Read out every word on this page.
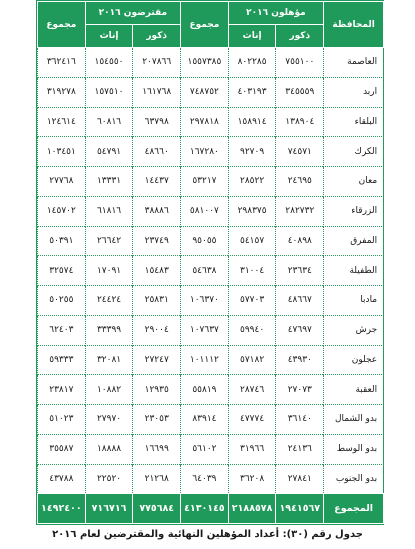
المحافظة	مؤهلون ٢٠١٦		مجموع	مقترضون ٢٠١٦		مجموع
	ذكور	إناث		ذكور	إناث	
العاصمة	٧٥٥١٠٠	٨٠٢٢٨٥	١٥٥٧٣٨٥	٢٠٧٨٦٦	١٥٤٥٥٠	٣٦٢٤١٦
اربد	٣٤٥٥٥٩	٤٠٣١٩٣	٧٤٨٧٥٢	١٦١٧٦٨	١٥٧٥١٠	٣١٩٢٧٨
البلقاء	١٣٨٩٠٤	١٥٨٩١٤	٢٩٧٨١٨	٦٣٧٩٨	٦٠٨١٦	١٢٤٦١٤
الكرك	٧٤٥٧١	٩٢٧٠٩	١٦٧٢٨٠	٤٨٦٦٠	٥٤٧٩١	١٠٣٤٥١
معان	٢٤٦٩٥	٢٨٥٢٢	٥٣٢١٧	١٤٤٣٧	١٣٣٣١	٢٧٧٦٨
الزرقاء	٢٨٢٧٣٢	٢٩٨٣٧٥	٥٨١٠٠٧	٣٨٨٨٦	٦١٨١٦	١٤٥٧٠٢
المفرق	٤٠٨٩٨	٥٤١٥٧	٩٥٠٥٥	٢٣٧٤٩	٢٦٦٤٢	٥٠٣٩١
الطفيلة	٢٣٦٣٤	٣١٠٠٤	٥٤٦٣٨	١٥٤٨٣	١٧٠٩١	٣٢٥٧٤
مادبا	٤٨٦٦٧	٥٧٧٠٣	١٠٦٣٧٠	٢٥٨٣١	٢٤٤٢٤	٥٠٢٥٥
جرش	٤٧٦٩٧	٥٩٩٤٠	١٠٧٦٣٧	٢٩٠٠٤	٣٣٣٩٩	٦٢٤٠٣
عجلون	٤٣٩٣٠	٥٧١٨٢	١٠١١١٢	٢٧٢٤٧	٣٢٠٨١	٥٩٣٣٣
العقبة	٢٧٠٧٣	٢٨٧٤٦	٥٥٨١٩	١٢٩٣٥	١٠٨٨٢	٢٣٨١٧
بدو الشمال	٣٦١٤٠	٤٧٧٧٤	٨٣٩١٤	٢٣٠٥٣	٢٧٩٧٠	٥١٠٢٣
بدو الوسط	٢٤١٣٦	٣١٩٦٦	٥٦١٠٢	١٦٦٩٩	١٨٨٨٨	٣٥٥٨٧
بدو الجنوب	٢٧٨٤١	٣٦٢٠٨	٦٤٠٣٩	٢١٢٦٨	٢٢٥٢٠	٤٣٧٨٨
المجموع	١٩٤١٥٦٧	٢١٨٨٥٧٨	٤١٣٠١٤٥	٧٧٥٦٨٤	٧١٦٧١٦	١٤٩٢٤٠٠
جدول رقم (٣٠): أعداد المؤهلين النهائية والمقترضين لعام ٢٠١٦
